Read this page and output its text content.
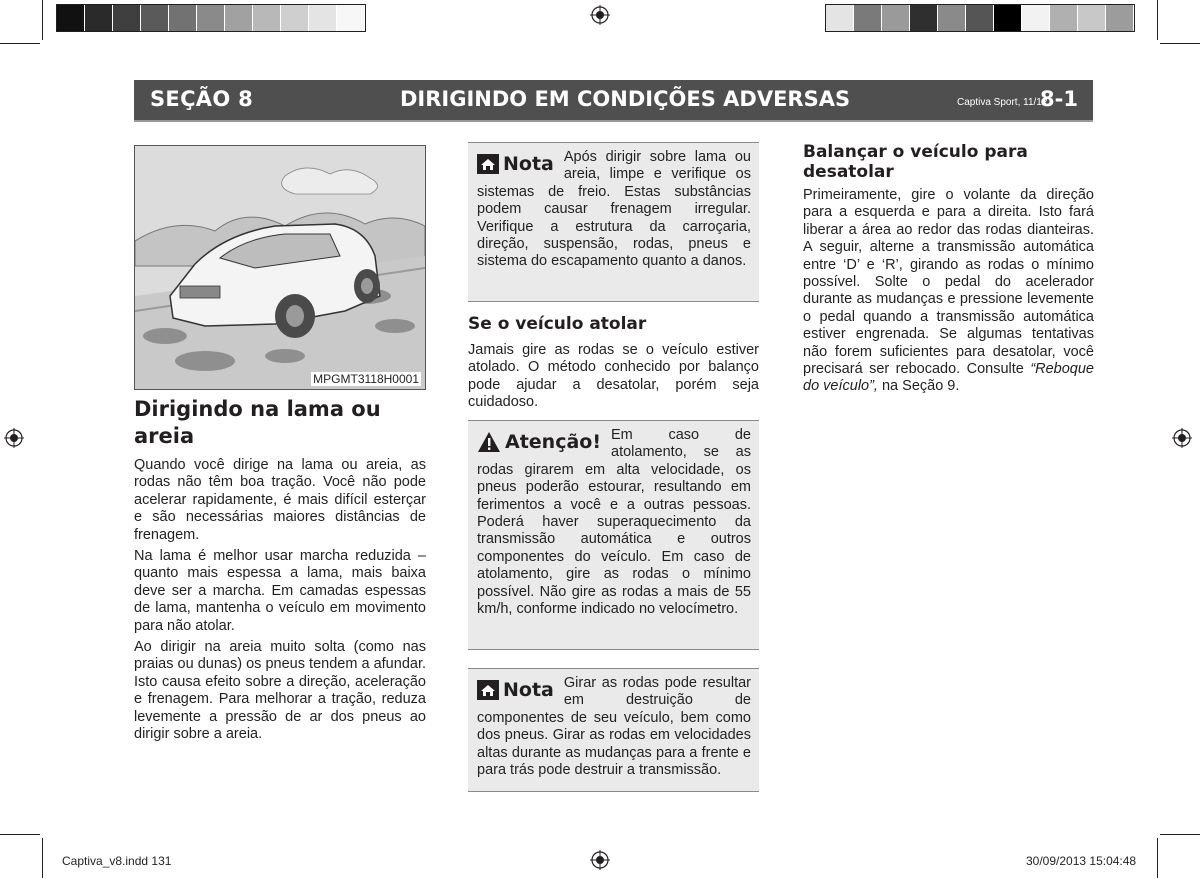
SEÇÃO 8	DIRIGINDO EM CONDIÇÕES ADVERSAS	Captiva Sport, 11/12
8-1
MPGMT3118H0001
Dirigindo na lama ou areia

Quando você dirige na lama ou areia, as rodas não têm boa tração. Você não pode acelerar rapidamente, é mais difícil esterçar e são necessárias maiores distâncias de frenagem.

Na lama é melhor usar marcha reduzida – quanto mais espessa a lama, mais baixa deve ser a marcha. Em camadas espessas de lama, mantenha o veículo em movimento para não atolar.

Ao dirigir na areia muito solta (como nas praias ou dunas) os pneus tendem a afundar. Isto causa efeito sobre a direção, aceleração e frenagem. Para melhorar a tração, reduza levemente a pressão de ar dos pneus ao dirigir sobre a areia.

Nota Após dirigir sobre lama ou areia, limpe e verifique os sistemas de freio. Estas substâncias podem causar frenagem irregular. Verifique a estrutura da carroçaria, direção, suspensão, rodas, pneus e sistema do escapamento quanto a danos.

Se o veículo atolar

Jamais gire as rodas se o veículo estiver atolado. O método conhecido por balanço pode ajudar a desatolar, porém seja cuidadoso.

Atenção! Em caso de atolamento, se as rodas girarem em alta velocidade, os pneus poderão estourar, resultando em ferimentos a você e a outras pessoas. Poderá haver superaquecimento da transmissão automática e outros componentes do veículo. Em caso de atolamento, gire as rodas o mínimo possível. Não gire as rodas a mais de 55 km/h, conforme indicado no velocímetro.

Nota Girar as rodas pode resultar em destruição de componentes de seu veículo, bem como dos pneus. Girar as rodas em velocidades altas durante as mudanças para a frente e para trás pode destruir a transmissão.

Balançar o veículo para desatolar

Primeiramente, gire o volante da direção para a esquerda e para a direita. Isto fará liberar a área ao redor das rodas dianteiras. A seguir, alterne a transmissão automática entre ‘D’ e ‘R’, girando as rodas o mínimo possível. Solte o pedal do acelerador durante as mudanças e pressione levemente o pedal quando a transmissão automática estiver engrenada. Se algumas tentativas não forem suficientes para desatolar, você precisará ser rebocado. Consulte “Reboque do veículo”, na Seção 9.

Captiva_v8.indd 131	30/09/2013 15:04:48
